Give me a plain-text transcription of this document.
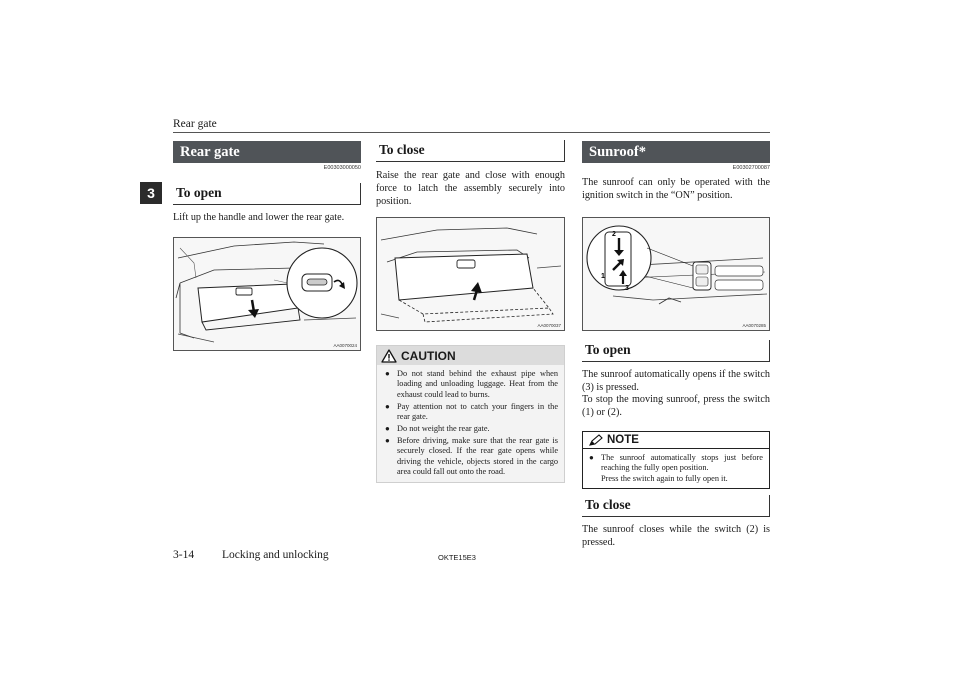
Rear gate
3
Rear gate
E00303000050
To open
Lift up the handle and lower the rear gate.
AA0070024
To close
Raise the rear gate and close with enough force to latch the assembly securely into position.
AA0070037
CAUTION
● Do not stand behind the exhaust pipe when loading and unloading luggage. Heat from the exhaust could lead to burns.
● Pay attention not to catch your fingers in the rear gate.
● Do not weight the rear gate.
● Before driving, make sure that the rear gate is securely closed. If the rear gate opens while driving the vehicle, objects stored in the cargo area could fall out onto the road.
Sunroof*
E00302700087
The sunroof can only be operated with the ignition switch in the “ON” position.
2
1
3
AA0070285
To open
The sunroof automatically opens if the switch (3) is pressed.
To stop the moving sunroof, press the switch (1) or (2).
NOTE
● The sunroof automatically stops just before reaching the fully open position.
Press the switch again to fully open it.
To close
The sunroof closes while the switch (2) is pressed.
3-14 Locking and unlocking	OKTE15E3
